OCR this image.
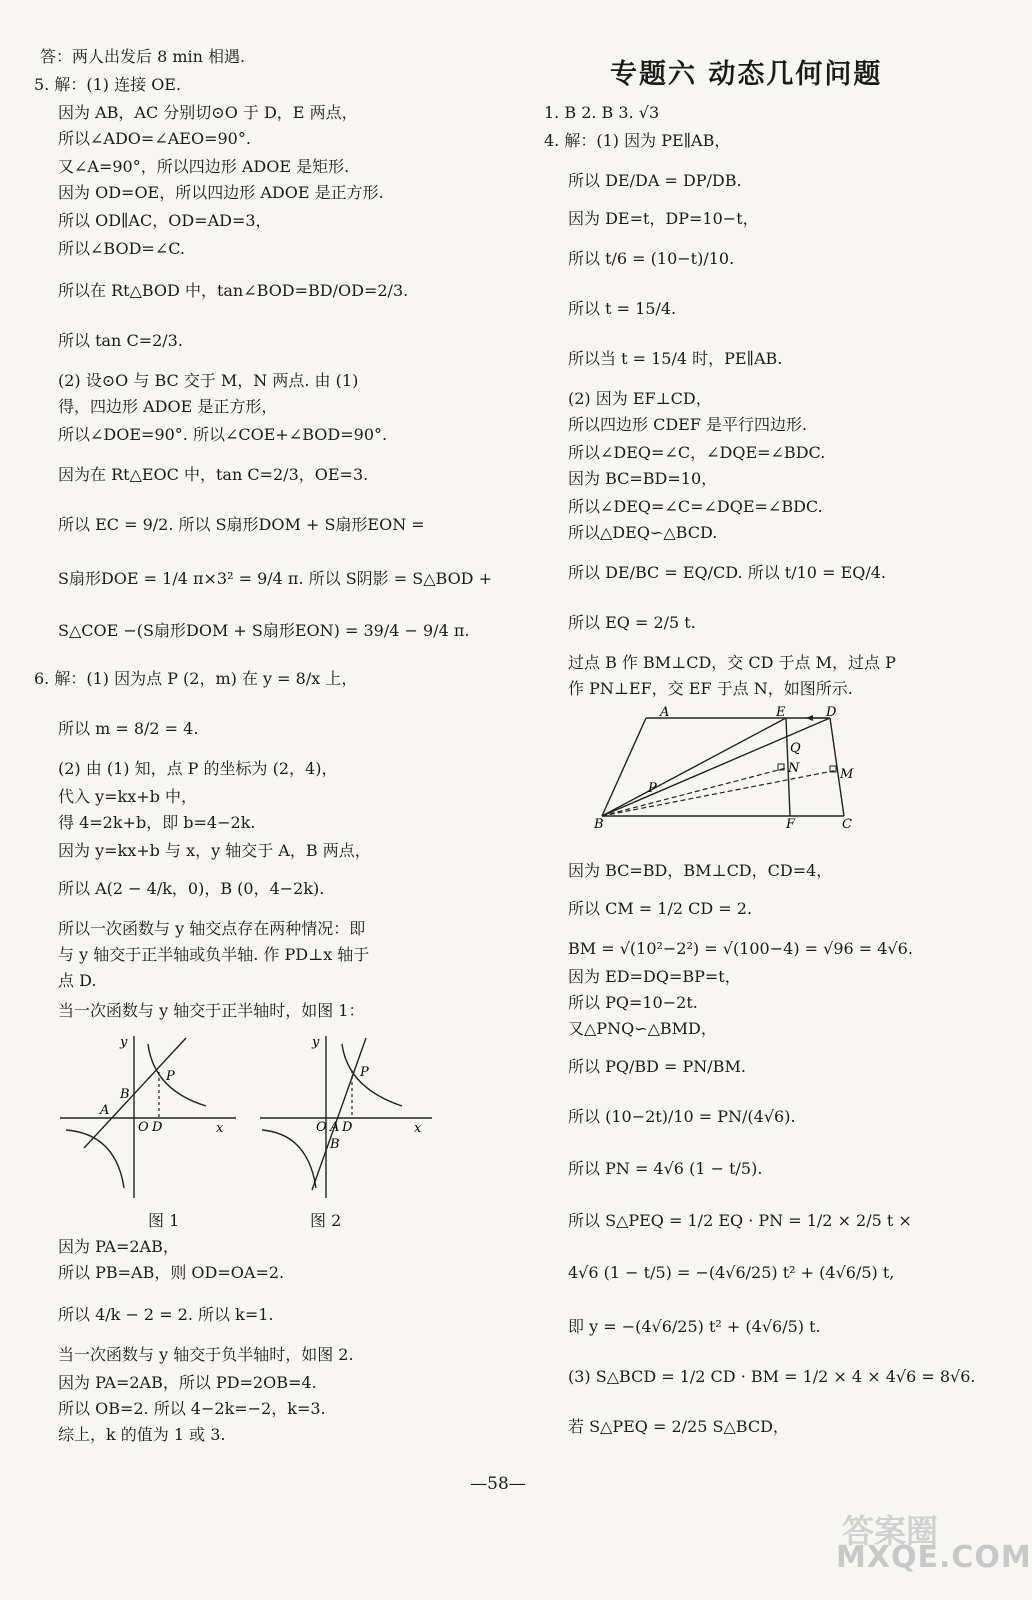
专题六 动态几何问题
答：两人出发后 8 min 相遇.
5. 解：(1) 连接 OE.
因为 AB，AC 分别切⊙O 于 D，E 两点，
所以∠ADO=∠AEO=90°.
又∠A=90°，所以四边形 ADOE 是矩形.
因为 OD=OE，所以四边形 ADOE 是正方形.
所以 OD∥AC，OD=AD=3，
所以∠BOD=∠C.
所以在 Rt△BOD 中，tan∠BOD=BD/OD=2/3.
所以 tan C=2/3.
(2) 设⊙O 与 BC 交于 M，N 两点. 由 (1)
得，四边形 ADOE 是正方形，
所以∠DOE=90°. 所以∠COE+∠BOD=90°.
因为在 Rt△EOC 中，tan C=2/3，OE=3.
所以 EC = 9/2. 所以 S扇形DOM + S扇形EON =
S扇形DOE = 1/4 π×3² = 9/4 π. 所以 S阴影 = S△BOD +
S△COE −(S扇形DOM + S扇形EON) = 39/4 − 9/4 π.
6. 解：(1) 因为点 P (2，m) 在 y = 8/x 上，
所以 m = 8/2 = 4.
(2) 由 (1) 知，点 P 的坐标为 (2，4)，
代入 y=kx+b 中，
得 4=2k+b，即 b=4−2k.
因为 y=kx+b 与 x，y 轴交于 A，B 两点，
所以 A(2 − 4/k，0)，B (0，4−2k).
所以一次函数与 y 轴交点存在两种情况：即
与 y 轴交于正半轴或负半轴. 作 PD⊥x 轴于
点 D.
当一次函数与 y 轴交于正半轴时，如图 1：
因为 PA=2AB，
所以 PB=AB，则 OD=OA=2.
所以 4/k − 2 = 2. 所以 k=1.
当一次函数与 y 轴交于负半轴时，如图 2.
因为 PA=2AB，所以 PD=2OB=4.
所以 OB=2. 所以 4−2k=−2，k=3.
综上，k 的值为 1 或 3.
y
x
O D
A
B
P
图 1
y
x
O A D
B
P
图 2
1. B 2. B 3. √3
4. 解：(1) 因为 PE∥AB，
所以 DE/DA = DP/DB.
因为 DE=t，DP=10−t，
所以 t/6 = (10−t)/10.
所以 t = 15/4.
所以当 t = 15/4 时，PE∥AB.
(2) 因为 EF⊥CD，
所以四边形 CDEF 是平行四边形.
所以∠DEQ=∠C，∠DQE=∠BDC.
因为 BC=BD=10，
所以∠DEQ=∠C=∠DQE=∠BDC.
所以△DEQ∽△BCD.
所以 DE/BC = EQ/CD. 所以 t/10 = EQ/4.
所以 EQ = 2/5 t.
过点 B 作 BM⊥CD，交 CD 于点 M，过点 P
作 PN⊥EF，交 EF 于点 N，如图所示.
因为 BC=BD，BM⊥CD，CD=4，
所以 CM = 1/2 CD = 2.
BM = √(10²−2²) = √(100−4) = √96 = 4√6.
因为 ED=DQ=BP=t，
所以 PQ=10−2t.
又△PNQ∽△BMD，
所以 PQ/BD = PN/BM.
所以 (10−2t)/10 = PN/(4√6).
所以 PN = 4√6 (1 − t/5).
所以 S△PEQ = 1/2 EQ · PN = 1/2 × 2/5 t ×
4√6 (1 − t/5) = −(4√6/25) t² + (4√6/5) t,
即 y = −(4√6/25) t² + (4√6/5) t.
(3) S△BCD = 1/2 CD · BM = 1/2 × 4 × 4√6 = 8√6.
若 S△PEQ = 2/25 S△BCD，
A	E	D
Q
N	M
P
B	F	C
—58—
答案圈
MXQE.COM
